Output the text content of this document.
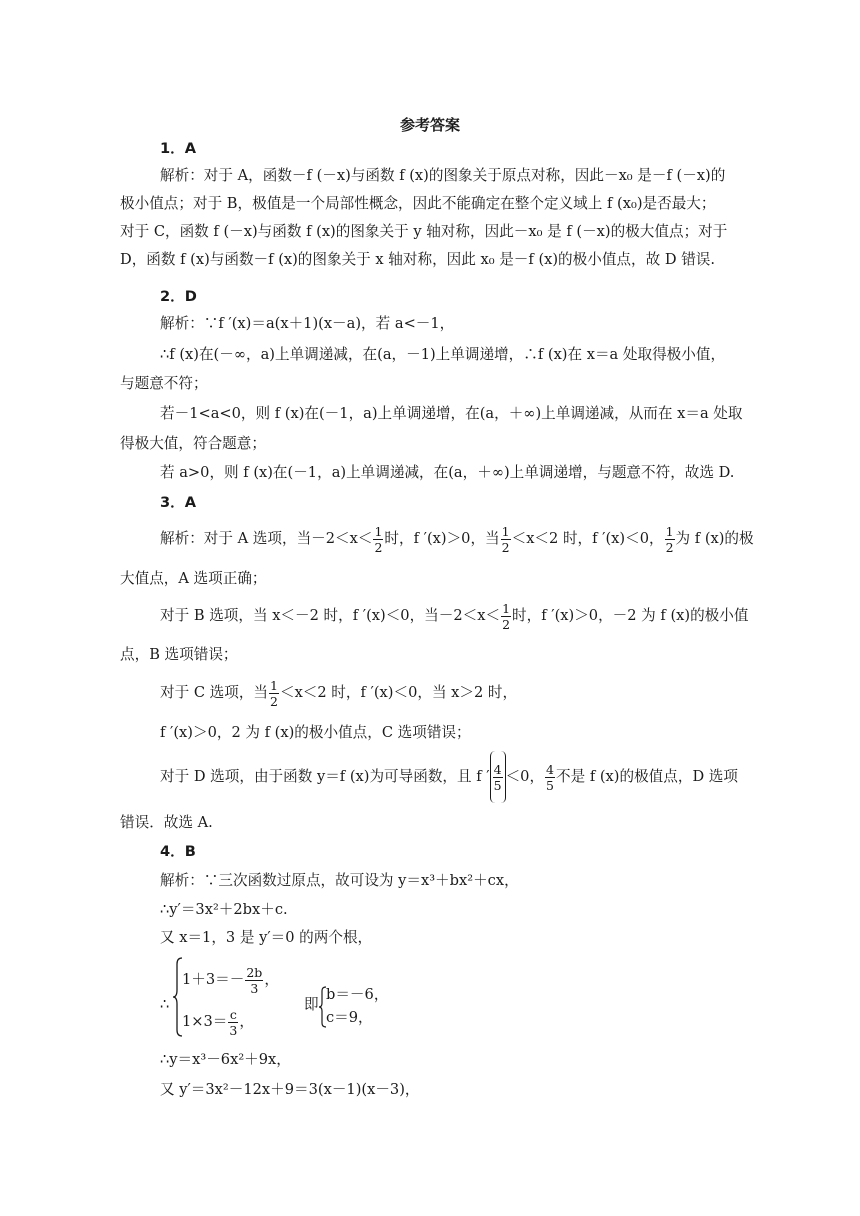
参考答案
1．A
解析：对于 A，函数－f (－x)与函数 f (x)的图象关于原点对称，因此－x₀ 是－f (－x)的
极小值点；对于 B，极值是一个局部性概念，因此不能确定在整个定义域上 f (x₀)是否最大；
对于 C，函数 f (－x)与函数 f (x)的图象关于 y 轴对称，因此－x₀ 是 f (－x)的极大值点；对于
D，函数 f (x)与函数－f (x)的图象关于 x 轴对称，因此 x₀ 是－f (x)的极小值点，故 D 错误.
2．D
解析：∵f ′(x)＝a(x＋1)(x－a)，若 a<－1，
∴f (x)在(－∞，a)上单调递减，在(a，－1)上单调递增，∴f (x)在 x＝a 处取得极小值，
与题意不符；
若－1<a<0，则 f (x)在(－1，a)上单调递增，在(a，＋∞)上单调递减，从而在 x＝a 处取
得极大值，符合题意；
若 a>0，则 f (x)在(－1，a)上单调递减，在(a，＋∞)上单调递增，与题意不符，故选 D.
3．A
解析：对于 A 选项，当$-2<x< \frac{1}{2}$ 时，f ′(x)＞0，当 $\frac{1}{2} <x<2$ 时，f ′(x)＜0， $\frac{1}{2}$ 为 f (x)的极
大值点，A 选项正确；
对于 B 选项，当 x＜－2 时，f ′(x)＜0，当$-2<x< \frac{1}{2}$ 时，f ′(x)＞0，－2 为 f (x)的极小值
点，B 选项错误；
对于 C 选项，当 $\frac{1}{2} <x<2$ 时，f ′(x)＜0，当 x＞2 时，
f ′(x)＞0，2 为 f (x)的极小值点，C 选项错误；
对于 D 选项，由于函数 y＝f (x)为可导函数，且 f ′ $\frac{4}{5} <0$， $\frac{4}{5}$ 不是 f (x)的极值点，D 选项
错误．故选 A.
4．B
解析：∵三次函数过原点，故可设为 y＝x³＋bx²＋cx，
∴y′＝3x²＋2bx＋c.
又 x＝1，3 是 y′＝0 的两个根，
∴
$1+3=- \frac{2b}{3}$ ，
$1\times 3= \frac{c}{3}$ ，
即
b＝－6，
c＝9，
∴y＝x³－6x²＋9x，
又 y′＝3x²－12x＋9＝3(x－1)(x－3)，
